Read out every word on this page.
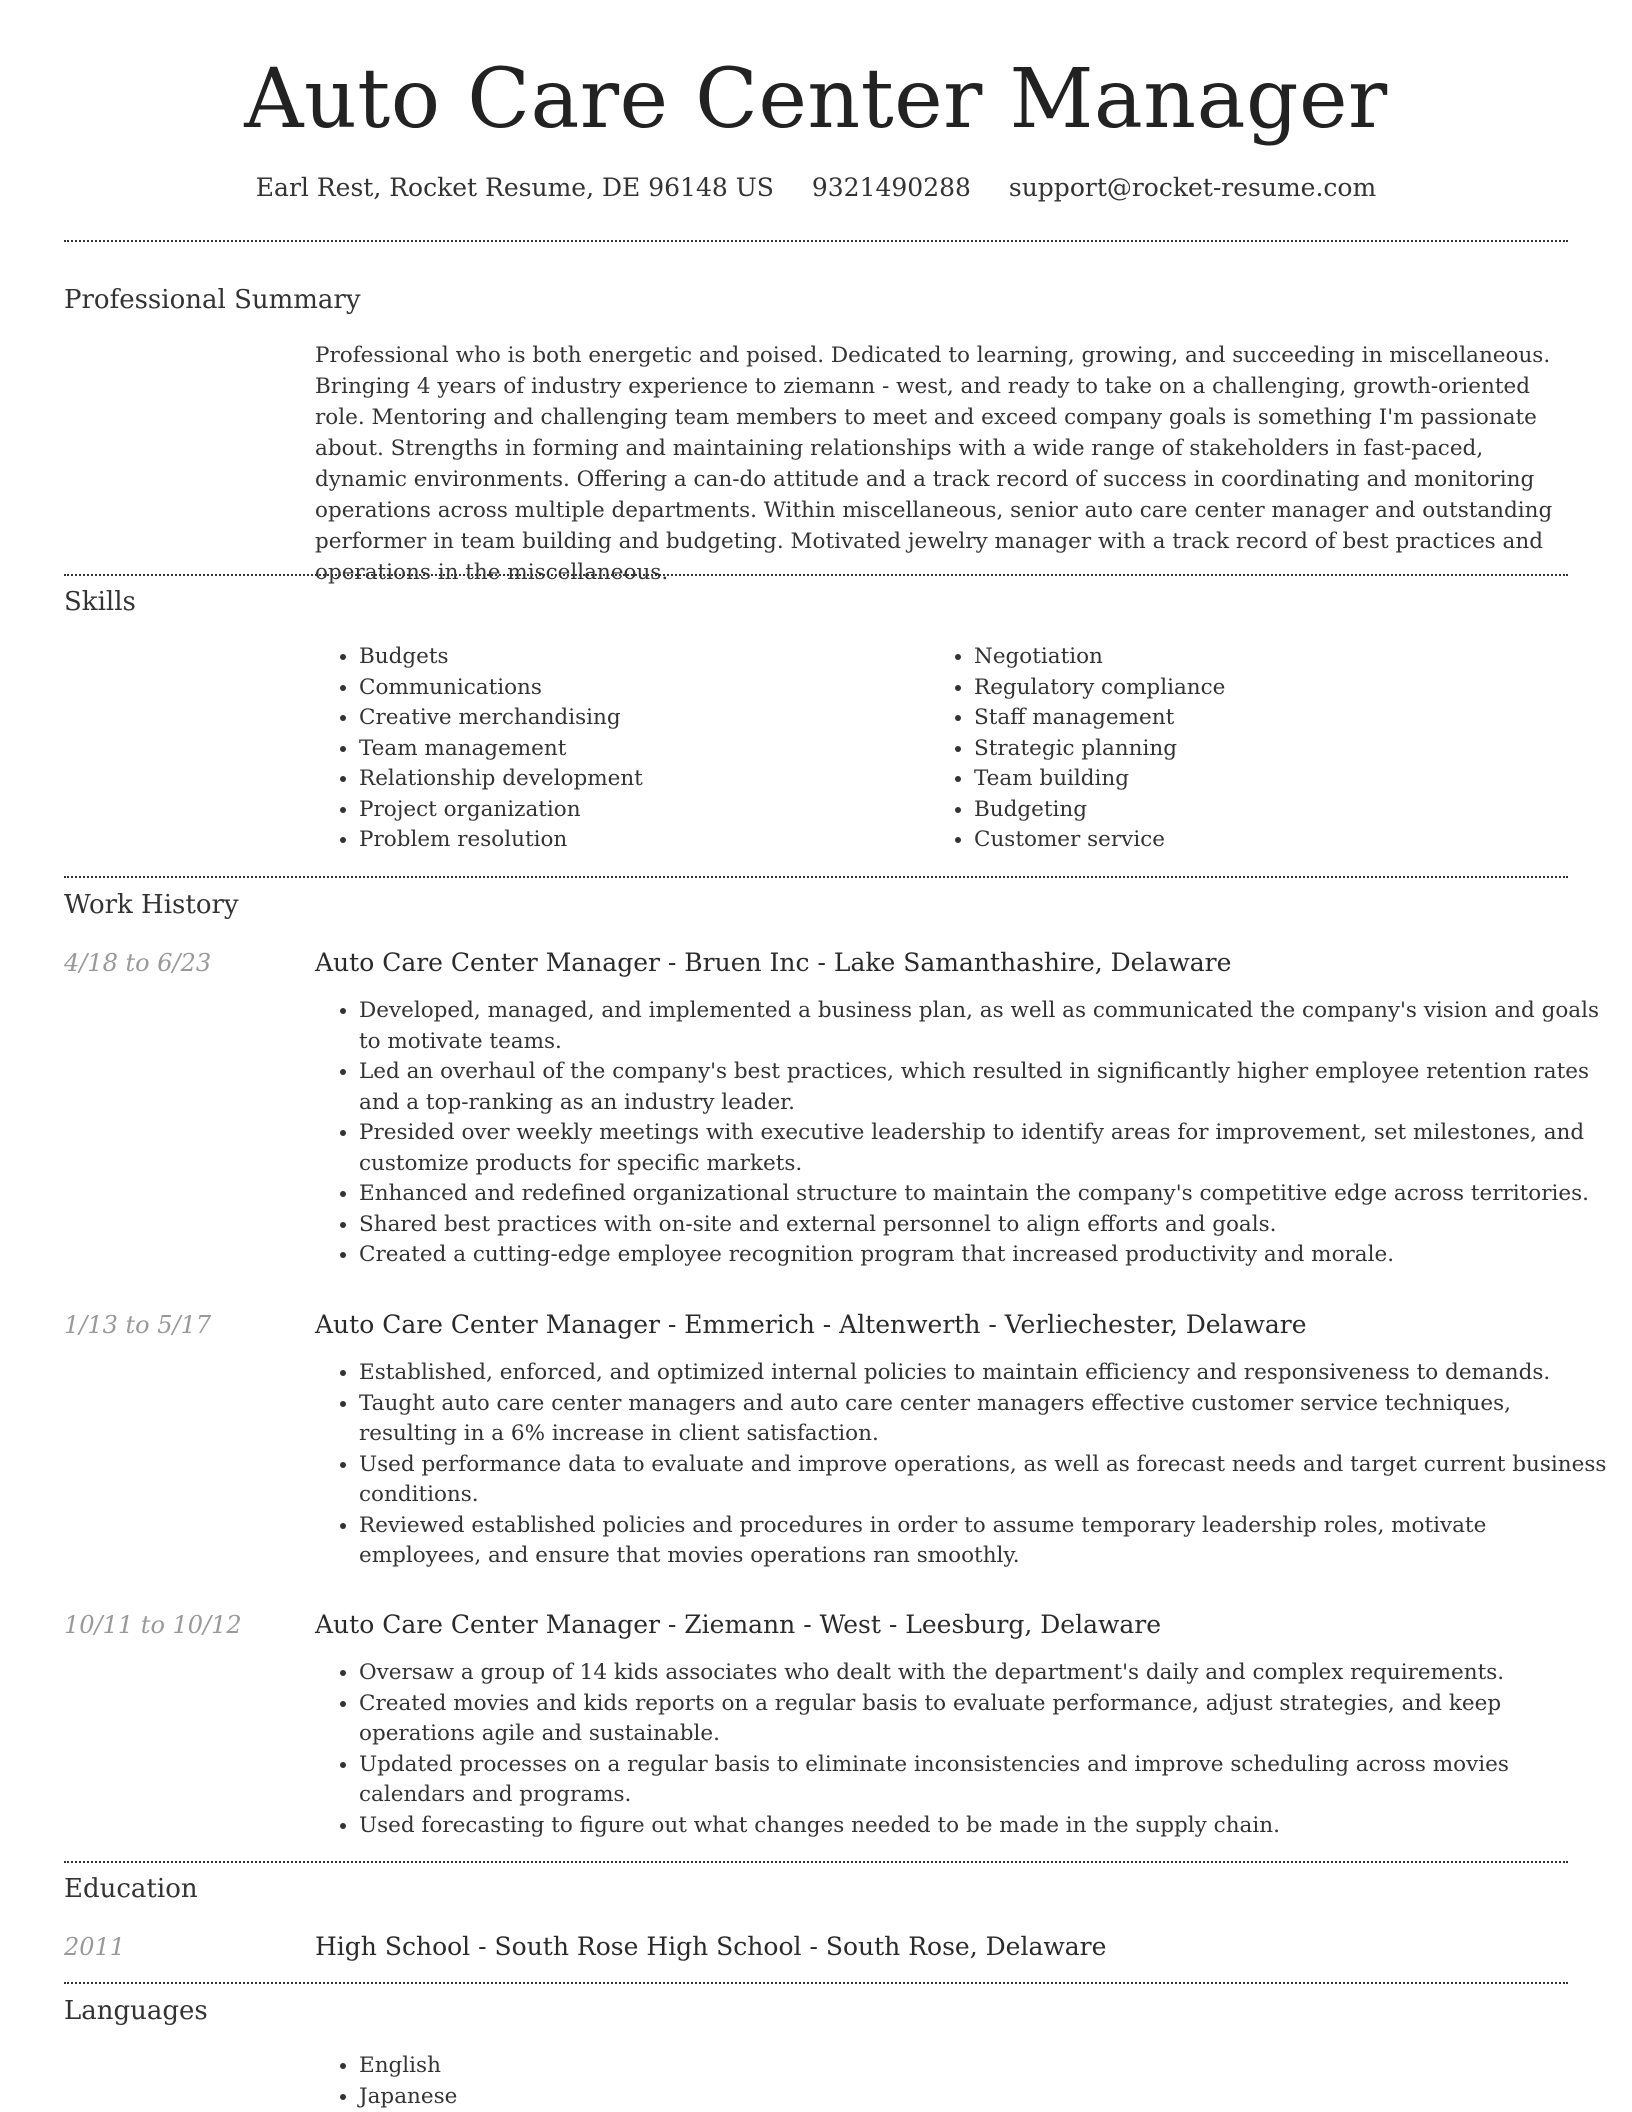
Auto Care Center Manager
Earl Rest, Rocket Resume, DE 96148 US 9321490288 support@rocket-resume.com
Professional Summary

Professional who is both energetic and poised. Dedicated to learning, growing, and succeeding in miscellaneous. Bringing 4 years of industry experience to ziemann - west, and ready to take on a challenging, growth-oriented role. Mentoring and challenging team members to meet and exceed company goals is something I'm passionate about. Strengths in forming and maintaining relationships with a wide range of stakeholders in fast-paced, dynamic environments. Offering a can-do attitude and a track record of success in coordinating and monitoring operations across multiple departments. Within miscellaneous, senior auto care center manager and outstanding performer in team building and budgeting. Motivated jewelry manager with a track record of best practices and operations in the miscellaneous.

Skills
• Budgets
• Communications
• Creative merchandising
• Team management
• Relationship development
• Project organization
• Problem resolution
• Negotiation
• Regulatory compliance
• Staff management
• Strategic planning
• Team building
• Budgeting
• Customer service
Work History
4/18 to 6/23	Auto Care Center Manager - Bruen Inc - Lake Samanthashire, Delaware
• Developed, managed, and implemented a business plan, as well as communicated the company's vision and goals to motivate teams.
• Led an overhaul of the company's best practices, which resulted in significantly higher employee retention rates and a top-ranking as an industry leader.
• Presided over weekly meetings with executive leadership to identify areas for improvement, set milestones, and customize products for specific markets.
• Enhanced and redefined organizational structure to maintain the company's competitive edge across territories.
• Shared best practices with on-site and external personnel to align efforts and goals.
• Created a cutting-edge employee recognition program that increased productivity and morale.
1/13 to 5/17	Auto Care Center Manager - Emmerich - Altenwerth - Verliechester, Delaware
• Established, enforced, and optimized internal policies to maintain efficiency and responsiveness to demands.
• Taught auto care center managers and auto care center managers effective customer service techniques, resulting in a 6% increase in client satisfaction.
• Used performance data to evaluate and improve operations, as well as forecast needs and target current business conditions.
• Reviewed established policies and procedures in order to assume temporary leadership roles, motivate employees, and ensure that movies operations ran smoothly.
10/11 to 10/12	Auto Care Center Manager - Ziemann - West - Leesburg, Delaware
• Oversaw a group of 14 kids associates who dealt with the department's daily and complex requirements.
• Created movies and kids reports on a regular basis to evaluate performance, adjust strategies, and keep operations agile and sustainable.
• Updated processes on a regular basis to eliminate inconsistencies and improve scheduling across movies calendars and programs.
• Used forecasting to figure out what changes needed to be made in the supply chain.
Education
2011	High School - South Rose High School - South Rose, Delaware
Languages
• English
• Japanese
